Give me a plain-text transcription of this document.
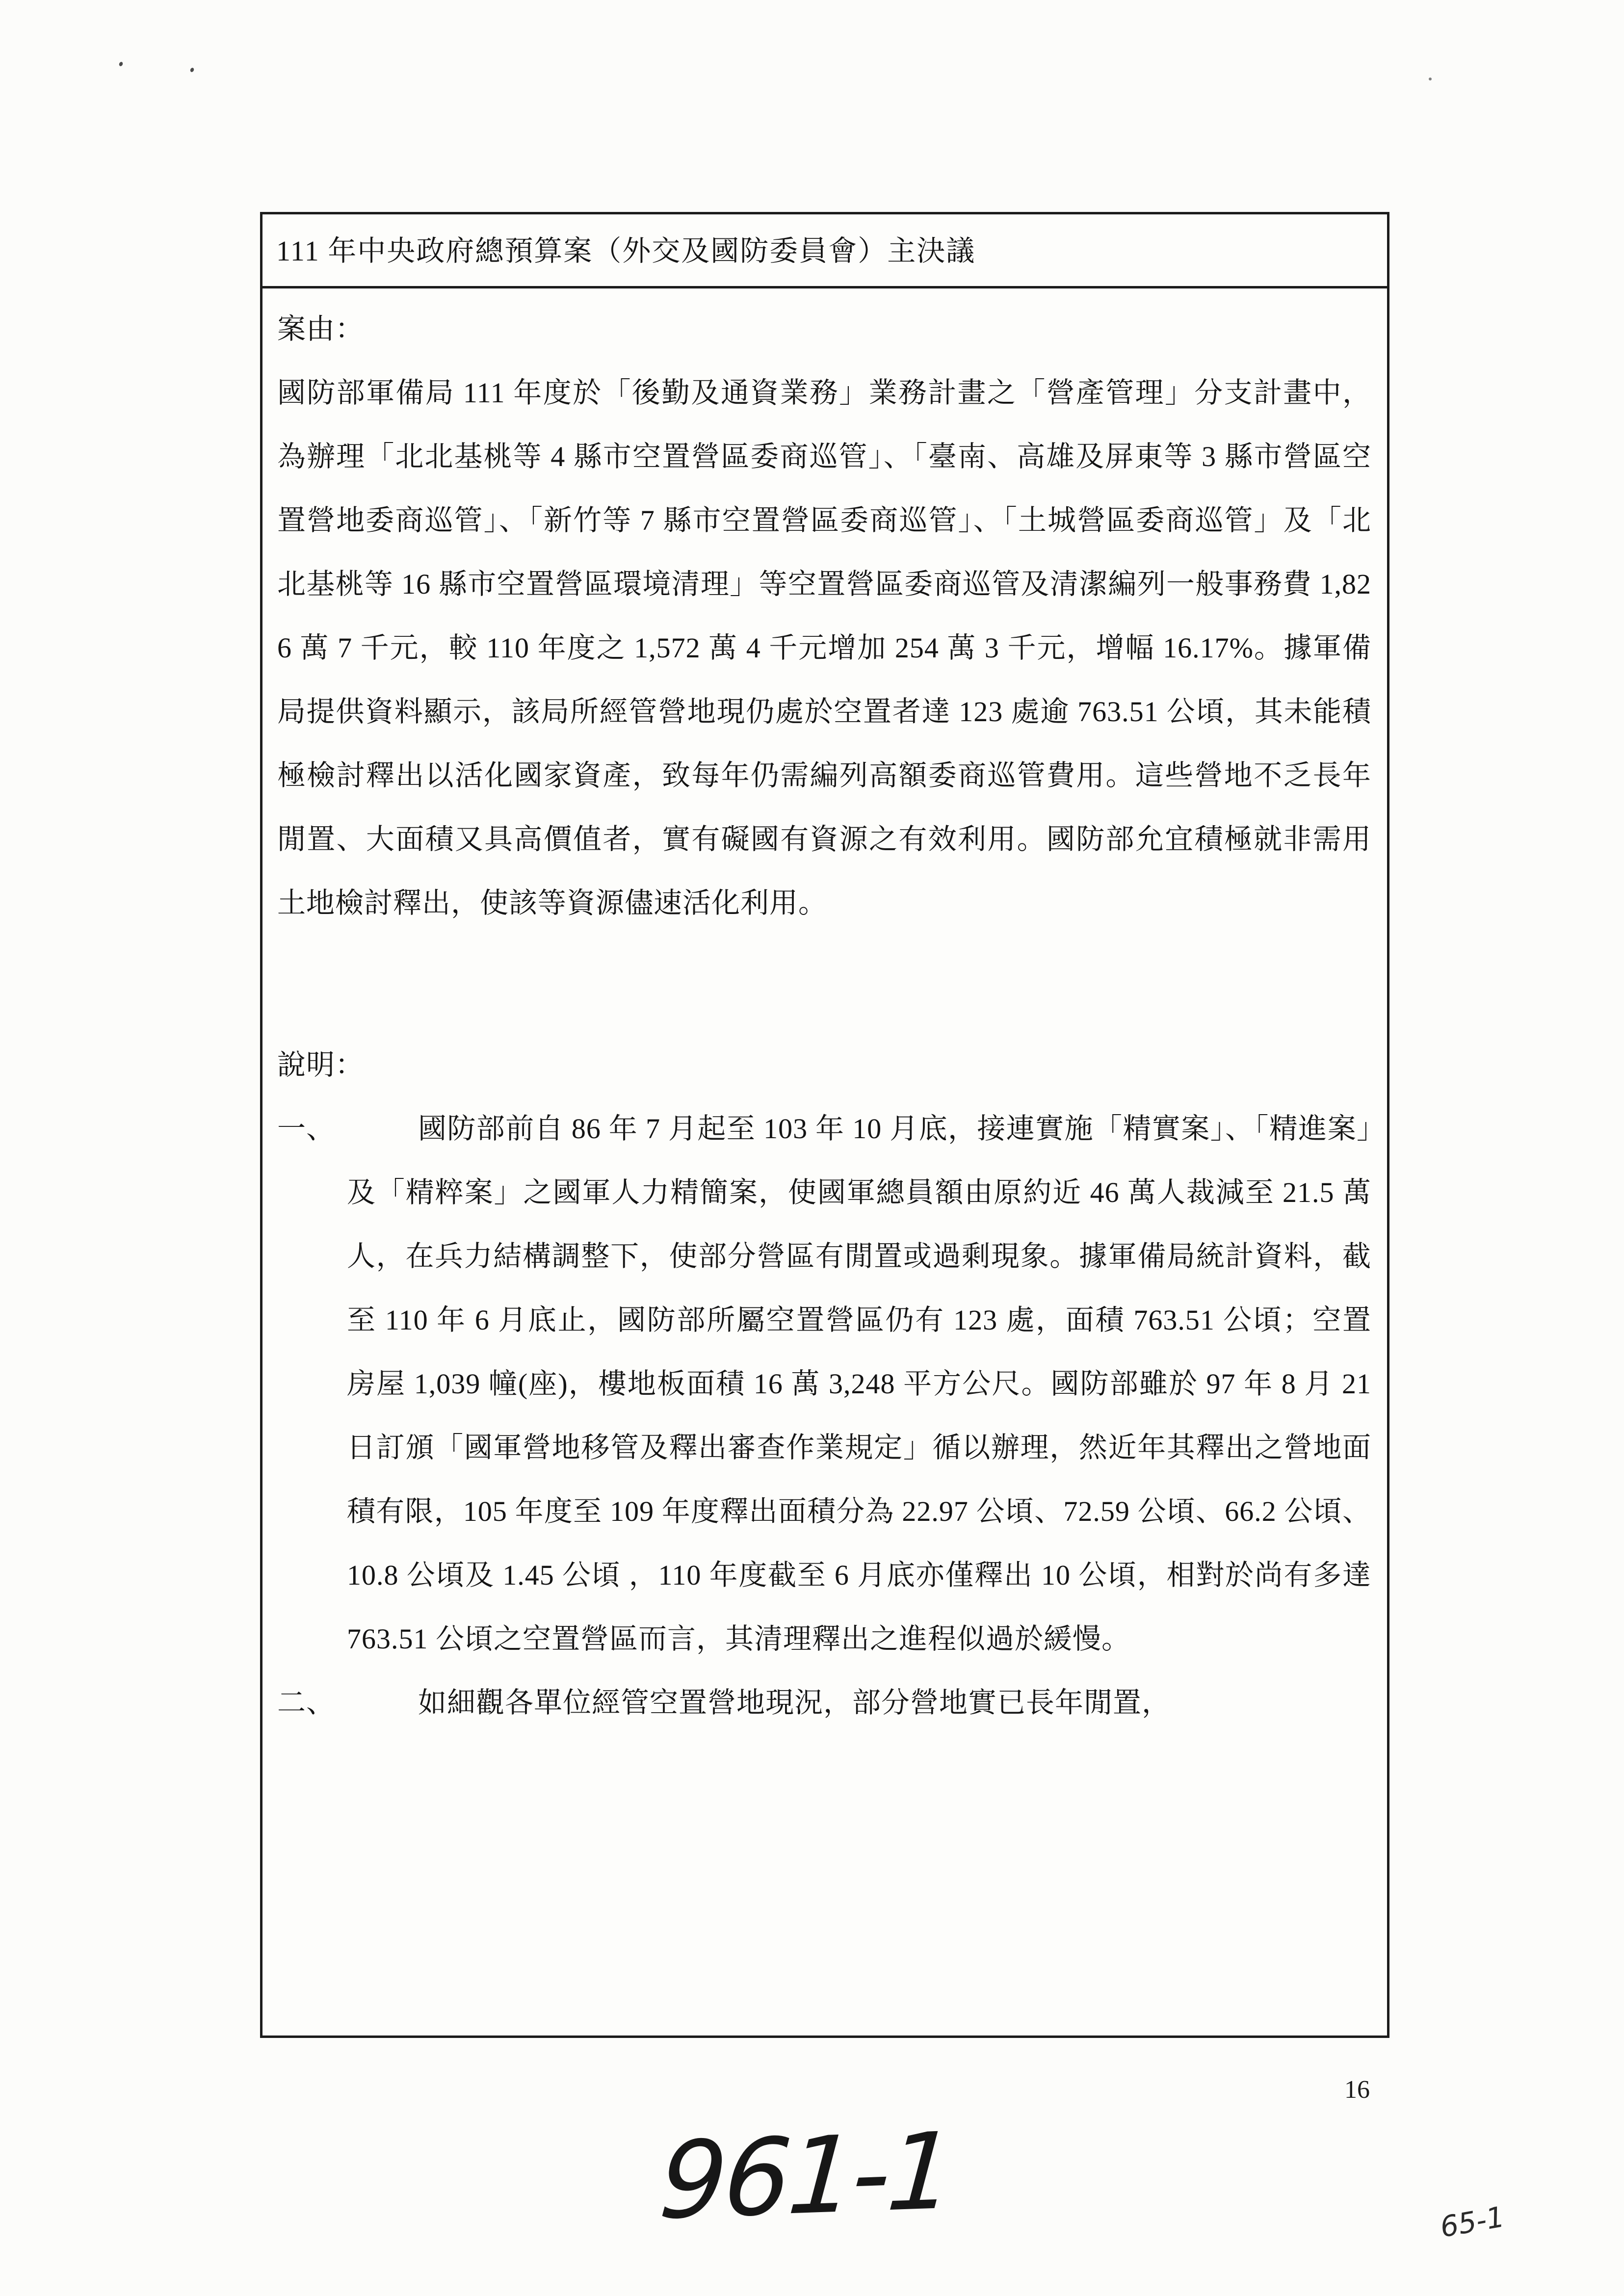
111 年中央政府總預算案（外交及國防委員會）主決議
案由：
國防部軍備局 111 年度於「後勤及通資業務」業務計畫之「營產管理」分支計畫中，為辦理「北北基桃等 4 縣市空置營區委商巡管」、「臺南、高雄及屏東等 3 縣市營區空置營地委商巡管」、「新竹等 7 縣市空置營區委商巡管」、「土城營區委商巡管」及「北北基桃等 16 縣市空置營區環境清理」等空置營區委商巡管及清潔編列一般事務費 1,826 萬 7 千元，較 110 年度之 1,572 萬 4 千元增加 254 萬 3 千元，增幅 16.17%。據軍備局提供資料顯示，該局所經管營地現仍處於空置者達 123 處逾 763.51 公頃，其未能積極檢討釋出以活化國家資產，致每年仍需編列高額委商巡管費用。這些營地不乏長年閒置、大面積又具高價值者，實有礙國有資源之有效利用。國防部允宜積極就非需用土地檢討釋出，使該等資源儘速活化利用。
說明：
一、	國防部前自 86 年 7 月起至 103 年 10 月底，接連實施「精實案」、「精進案」及「精粹案」之國軍人力精簡案，使國軍總員額由原約近 46 萬人裁減至 21.5 萬人，在兵力結構調整下，使部分營區有閒置或過剩現象。據軍備局統計資料，截至 110 年 6 月底止，國防部所屬空置營區仍有 123 處，面積 763.51 公頃；空置房屋 1,039 幢(座)，樓地板面積 16 萬 3,248 平方公尺。國防部雖於 97 年 8 月 21 日訂頒「國軍營地移管及釋出審查作業規定」循以辦理，然近年其釋出之營地面積有限，105 年度至 109 年度釋出面積分為 22.97 公頃、72.59 公頃、66.2 公頃、10.8 公頃及 1.45 公頃 ，110 年度截至 6 月底亦僅釋出 10 公頃，相對於尚有多達 763.51 公頃之空置營區而言，其清理釋出之進程似過於緩慢。
二、	如細觀各單位經管空置營地現況，部分營地實已長年閒置，
16
961-1	65-1
